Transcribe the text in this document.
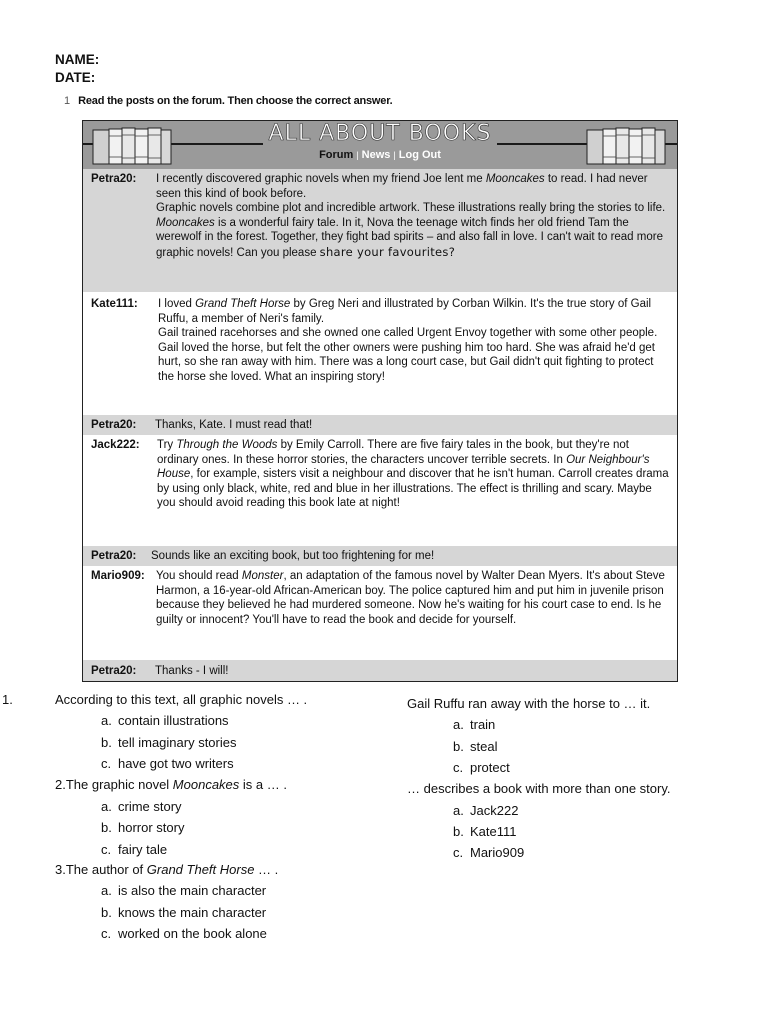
NAME:
DATE:
1 Read the posts on the forum. Then choose the correct answer.
ALL ABOUT BOOKS
Forum | News | Log Out
Petra20: I recently discovered graphic novels when my friend Joe lent me Mooncakes to read. I had never seen this kind of book before.

Graphic novels combine plot and incredible artwork. These illustrations really bring the stories to life. Mooncakes is a wonderful fairy tale. In it, Nova the teenage witch finds her old friend Tam the werewolf in the forest. Together, they fight bad spirits – and also fall in love. I can't wait to read more graphic novels! Can you please share your favourites?

Kate111: I loved Grand Theft Horse by Greg Neri and illustrated by Corban Wilkin. It's the true story of Gail Ruffu, a member of Neri's family.

Gail trained racehorses and she owned one called Urgent Envoy together with some other people. Gail loved the horse, but felt the other owners were pushing him too hard. She was afraid he'd get hurt, so she ran away with him. There was a long court case, but Gail didn't quit fighting to protect the horse she loved. What an inspiring story!

Petra20: Thanks, Kate. I must read that!
Jack222: Try Through the Woods by Emily Carroll. There are five fairy tales in the book, but they're not ordinary ones. In these horror stories, the characters uncover terrible secrets. In Our Neighbour's House, for example, sisters visit a neighbour and discover that he isn't human. Carroll creates drama by using only black, white, red and blue in her illustrations. The effect is thrilling and scary. Maybe you should avoid reading this book late at night!

Petra20: Sounds like an exciting book, but too frightening for me!
Mario909: You should read Monster, an adaptation of the famous novel by Walter Dean Myers. It's about Steve Harmon, a 16-year-old African-American boy. The police captured him and put him in juvenile prison because they believed he had murdered someone. Now he's waiting for his court case to end. Is he guilty or innocent? You'll have to read the book and decide for yourself.

Petra20: Thanks - I will!
1.	According to this text, all graphic novels … .
a. contain illustrations
b. tell imaginary stories
c. have got two writers
2.The graphic novel Mooncakes is a … .
a. crime story
b. horror story
c. fairy tale
3.The author of Grand Theft Horse … .
a. is also the main character
b. knows the main character
c. worked on the book alone
Gail Ruffu ran away with the horse to … it.
a. train
b. steal
c. protect
… describes a book with more than one story.
a. Jack222
b. Kate111
c. Mario909
